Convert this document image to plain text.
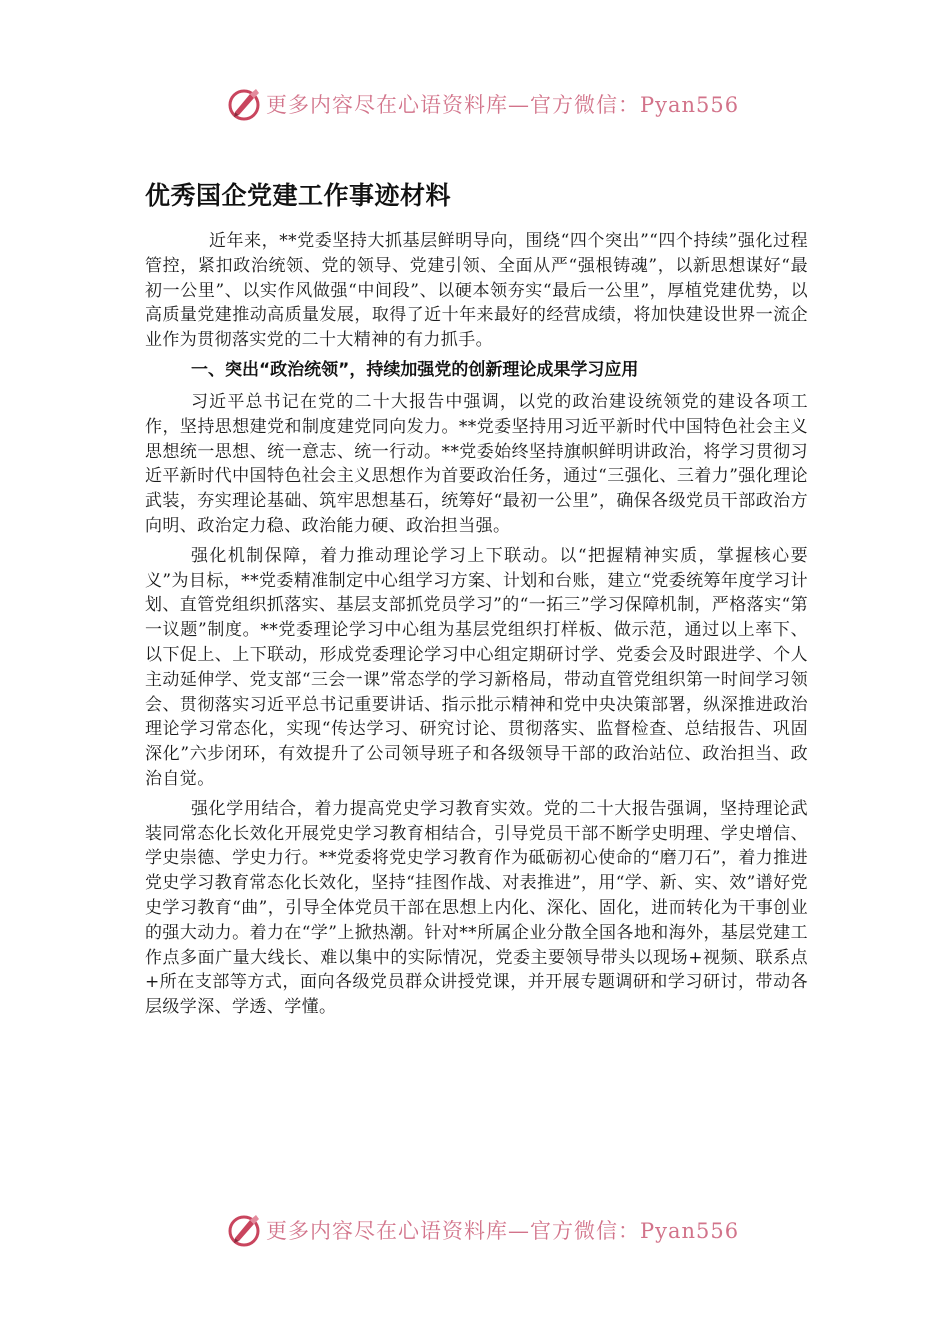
更多内容尽在心语资料库—官方微信：Pyan556
优秀国企党建工作事迹材料

近年来，**党委坚持大抓基层鲜明导向，围绕“四个突出”“四个持续”强化过程管控，紧扣政治统领、党的领导、党建引领、全面从严“强根铸魂”，以新思想谋好“最初一公里”、以实作风做强“中间段”、以硬本领夯实“最后一公里”，厚植党建优势，以高质量党建推动高质量发展，取得了近十年来最好的经营成绩，将加快建设世界一流企业作为贯彻落实党的二十大精神的有力抓手。

一、突出“政治统领”，持续加强党的创新理论成果学习应用

习近平总书记在党的二十大报告中强调，以党的政治建设统领党的建设各项工作，坚持思想建党和制度建党同向发力。**党委坚持用习近平新时代中国特色社会主义思想统一思想、统一意志、统一行动。**党委始终坚持旗帜鲜明讲政治，将学习贯彻习近平新时代中国特色社会主义思想作为首要政治任务，通过“三强化、三着力”强化理论武装，夯实理论基础、筑牢思想基石，统筹好“最初一公里”，确保各级党员干部政治方向明、政治定力稳、政治能力硬、政治担当强。

强化机制保障，着力推动理论学习上下联动。以“把握精神实质，掌握核心要义”为目标，**党委精准制定中心组学习方案、计划和台账，建立“党委统筹年度学习计划、直管党组织抓落实、基层支部抓党员学习”的“一拓三”学习保障机制，严格落实“第一议题”制度。**党委理论学习中心组为基层党组织打样板、做示范，通过以上率下、以下促上、上下联动，形成党委理论学习中心组定期研讨学、党委会及时跟进学、个人主动延伸学、党支部“三会一课”常态学的学习新格局，带动直管党组织第一时间学习领会、贯彻落实习近平总书记重要讲话、指示批示精神和党中央决策部署，纵深推进政治理论学习常态化，实现“传达学习、研究讨论、贯彻落实、监督检查、总结报告、巩固深化”六步闭环，有效提升了公司领导班子和各级领导干部的政治站位、政治担当、政治自觉。

强化学用结合，着力提高党史学习教育实效。党的二十大报告强调，坚持理论武装同常态化长效化开展党史学习教育相结合，引导党员干部不断学史明理、学史增信、学史崇德、学史力行。**党委将党史学习教育作为砥砺初心使命的“磨刀石”，着力推进党史学习教育常态化长效化，坚持“挂图作战、对表推进”，用“学、新、实、效”谱好党史学习教育“曲”，引导全体党员干部在思想上内化、深化、固化，进而转化为干事创业的强大动力。着力在“学”上掀热潮。针对**所属企业分散全国各地和海外，基层党建工作点多面广量大线长、难以集中的实际情况，党委主要领导带头以现场+视频、联系点+所在支部等方式，面向各级党员群众讲授党课，并开展专题调研和学习研讨，带动各层级学深、学透、学懂。

更多内容尽在心语资料库—官方微信：Pyan556
